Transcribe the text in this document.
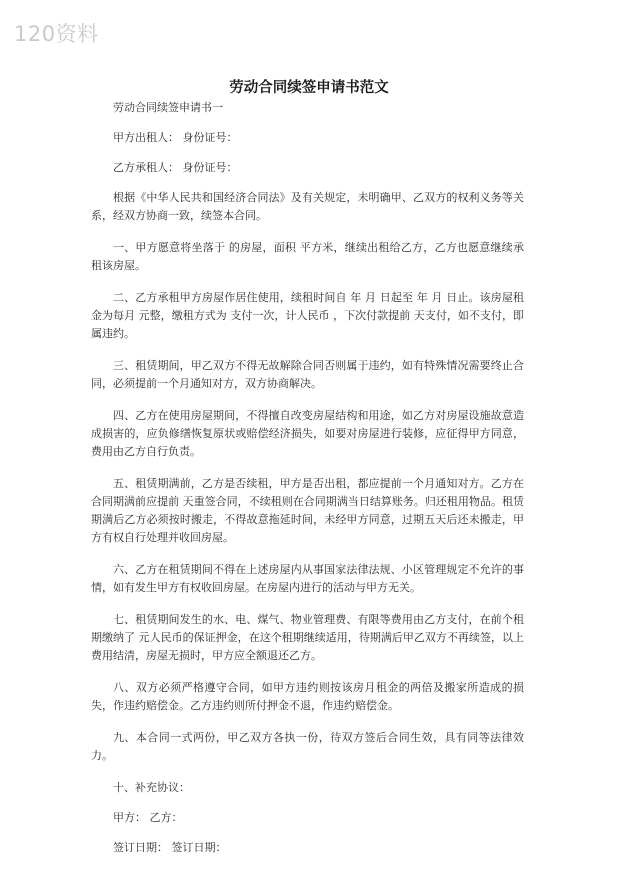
120资料
劳动合同续签申请书范文

劳动合同续签申请书一

甲方出租人： 身份证号：

乙方承租人： 身份证号：

根据《中华人民共和国经济合同法》及有关规定，未明确甲、乙双方的权利义务等关系，经双方协商一致，续签本合同。

一、甲方愿意将坐落于 的房屋，面积 平方米，继续出租给乙方，乙方也愿意继续承租该房屋。

二、乙方承租甲方房屋作居住使用，续租时间自 年 月 日起至 年 月 日止。该房屋租金为每月 元整，缴租方式为 支付一次，计人民币 ，下次付款提前 天支付，如不支付，即属违约。

三、租赁期间，甲乙双方不得无故解除合同否则属于违约，如有特殊情况需要终止合同，必须提前一个月通知对方，双方协商解决。

四、乙方在使用房屋期间，不得擅自改变房屋结构和用途，如乙方对房屋设施故意造成损害的，应负修缮恢复原状或赔偿经济损失，如要对房屋进行装修，应征得甲方同意，费用由乙方自行负责。

五、租赁期满前，乙方是否续租，甲方是否出租，都应提前一个月通知对方。乙方在合同期满前应提前 天重签合同，不续租则在合同期满当日结算账务。归还租用物品。租赁期满后乙方必须按时搬走，不得故意拖延时间，未经甲方同意，过期五天后还未搬走，甲方有权自行处理并收回房屋。

六、乙方在租赁期间不得在上述房屋内从事国家法律法规、小区管理规定不允许的事情，如有发生甲方有权收回房屋。在房屋内进行的活动与甲方无关。

七、租赁期间发生的水、电、煤气、物业管理费、有限等费用由乙方支付，在前个租期缴纳了 元人民币的保证押金，在这个租期继续适用，待期满后甲乙双方不再续签，以上费用结清，房屋无损时，甲方应全额退还乙方。

八、双方必须严格遵守合同，如甲方违约则按该房月租金的两倍及搬家所造成的损失，作违约赔偿金。乙方违约则所付押金不退，作违约赔偿金。

九、本合同一式两份，甲乙双方各执一份，待双方签后合同生效，具有同等法律效力。

十、补充协议：

甲方： 乙方：

签订日期： 签订日期：
